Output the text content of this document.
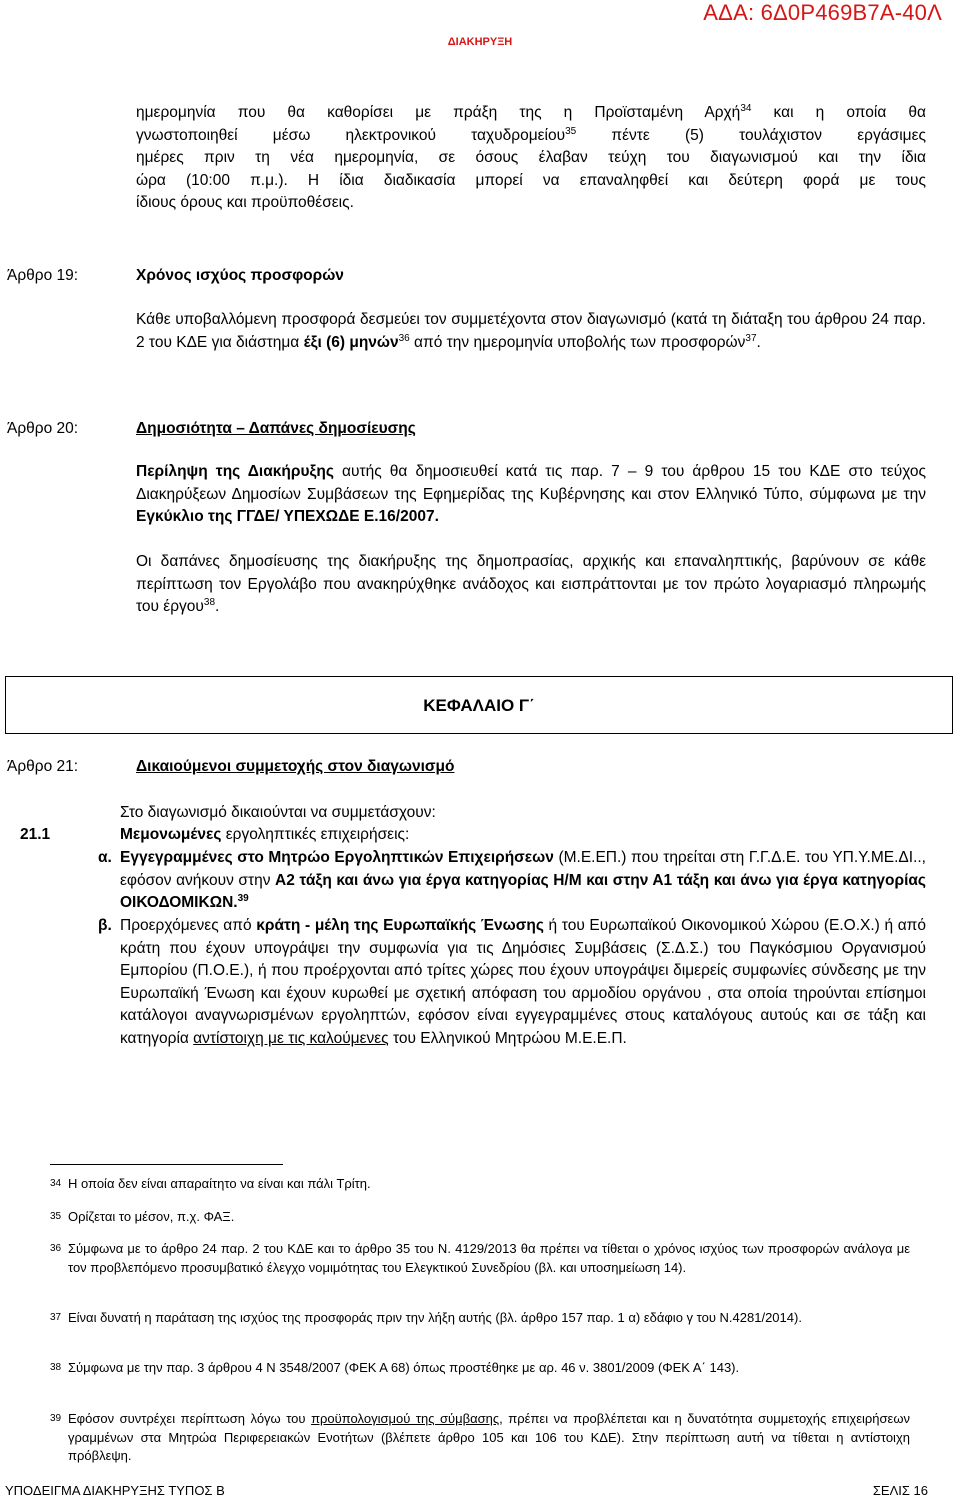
ΑΔΑ: 6Δ0Ρ469Β7Α-40Λ
ΔΙΑΚΗΡΥΞΗ
ημερομηνία που θα καθορίσει με πράξη της η Προϊσταμένη Αρχή$^{34}$ και η οποία θα
γνωστοποιηθεί μέσω ηλεκτρονικού ταχυδρομείου$^{35}$ πέντε (5) τουλάχιστον εργάσιμες
ημέρες πριν τη νέα ημερομηνία, σε όσους έλαβαν τεύχη του διαγωνισμού και την ίδια
ώρα (10:00 π.μ.). Η ίδια διαδικασία μπορεί να επαναληφθεί και δεύτερη φορά με τους
ίδιους όρους και προϋποθέσεις.
Άρθρο 19:	Χρόνος ισχύος προσφορών
Κάθε υποβαλλόμενη προσφορά δεσμεύει τον συμμετέχοντα στον διαγωνισμό (κατά τη διάταξη του άρθρου 24 παρ. 2 του ΚΔΕ για διάστημα έξι (6) μηνών$^{36}$ από την ημερομηνία υποβολής των προσφορών$^{37}$.
Άρθρο 20:	Δημοσιότητα – Δαπάνες δημοσίευσης
Περίληψη της Διακήρυξης αυτής θα δημοσιευθεί κατά τις παρ. 7 – 9 του άρθρου 15 του ΚΔΕ στο τεύχος Διακηρύξεων Δημοσίων Συμβάσεων της Εφημερίδας της Κυβέρνησης και στον Ελληνικό Τύπο, σύμφωνα με την Εγκύκλιο της ΓΓΔΕ/ ΥΠΕΧΩΔΕ Ε.16/2007.
Οι δαπάνες δημοσίευσης της διακήρυξης της δημοπρασίας, αρχικής και επαναληπτικής, βαρύνουν σε κάθε περίπτωση τον Εργολάβο που ανακηρύχθηκε ανάδοχος και εισπράττονται με τον πρώτο λογαριασμό πληρωμής του έργου$^{38}$.
ΚΕΦΑΛΑΙΟ Γ΄
Άρθρο 21:	Δικαιούμενοι συμμετοχής στον διαγωνισμό
Στο διαγωνισμό δικαιούνται να συμμετάσχουν:
21.1	Μεμονωμένες εργοληπτικές επιχειρήσεις:
α. Εγγεγραμμένες στο Μητρώο Εργοληπτικών Επιχειρήσεων (Μ.Ε.ΕΠ.) που τηρείται στη Γ.Γ.Δ.Ε. του ΥΠ.Υ.ΜΕ.ΔΙ.., εφόσον ανήκουν στην Α2 τάξη και άνω για έργα κατηγορίας Η/Μ και στην Α1 τάξη και άνω για έργα κατηγορίας ΟΙΚΟΔΟΜΙΚΩΝ.$^{39}$
β. Προερχόμενες από κράτη - μέλη της Ευρωπαϊκής Ένωσης ή του Ευρωπαϊκού Οικονομικού Χώρου (Ε.Ο.Χ.) ή από κράτη που έχουν υπογράψει την συμφωνία για τις Δημόσιες Συμβάσεις (Σ.Δ.Σ.) του Παγκόσμιου Οργανισμού Εμπορίου (Π.Ο.Ε.), ή που προέρχονται από τρίτες χώρες που έχουν υπογράψει διμερείς συμφωνίες σύνδεσης με την Ευρωπαϊκή Ένωση και έχουν κυρωθεί με σχετική απόφαση του αρμοδίου οργάνου , στα οποία τηρούνται επίσημοι κατάλογοι αναγνωρισμένων εργοληπτών, εφόσον είναι εγγεγραμμένες στους καταλόγους αυτούς και σε τάξη και κατηγορία αντίστοιχη με τις καλούμενες του Ελληνικού Μητρώου Μ.Ε.Ε.Π.
34 Η οποία δεν είναι απαραίτητο να είναι και πάλι Τρίτη.
35 Ορίζεται το μέσον, π.χ. ΦΑΞ.
36 Σύμφωνα με το άρθρο 24 παρ. 2 του ΚΔΕ και το άρθρο 35 του Ν. 4129/2013 θα πρέπει να τίθεται ο χρόνος ισχύος των προσφορών ανάλογα με τον προβλεπόμενο προσυμβατικό έλεγχο νομιμότητας του Ελεγκτικού Συνεδρίου (βλ. και υποσημείωση 14).
37 Είναι δυνατή η παράταση της ισχύος της προσφοράς πριν την λήξη αυτής (βλ. άρθρο 157 παρ. 1 α) εδάφιο γ του Ν.4281/2014).
38 Σύμφωνα με την παρ. 3 άρθρου 4 Ν 3548/2007 (ΦΕΚ Α 68) όπως προστέθηκε με αρ. 46 ν. 3801/2009 (ΦΕΚ Α΄ 143).
39 Εφόσον συντρέχει περίπτωση λόγω του προϋπολογισμού της σύμβασης, πρέπει να προβλέπεται και η δυνατότητα συμμετοχής επιχειρήσεων γραμμένων στα Μητρώα Περιφερειακών Ενοτήτων (βλέπετε άρθρο 105 και 106 του ΚΔΕ). Στην περίπτωση αυτή να τίθεται η αντίστοιχη πρόβλεψη.
ΥΠΟΔΕΙΓΜΑ ΔΙΑΚΗΡΥΞΗΣ ΤΥΠΟΣ Β	ΣΕΛΙΣ 16
